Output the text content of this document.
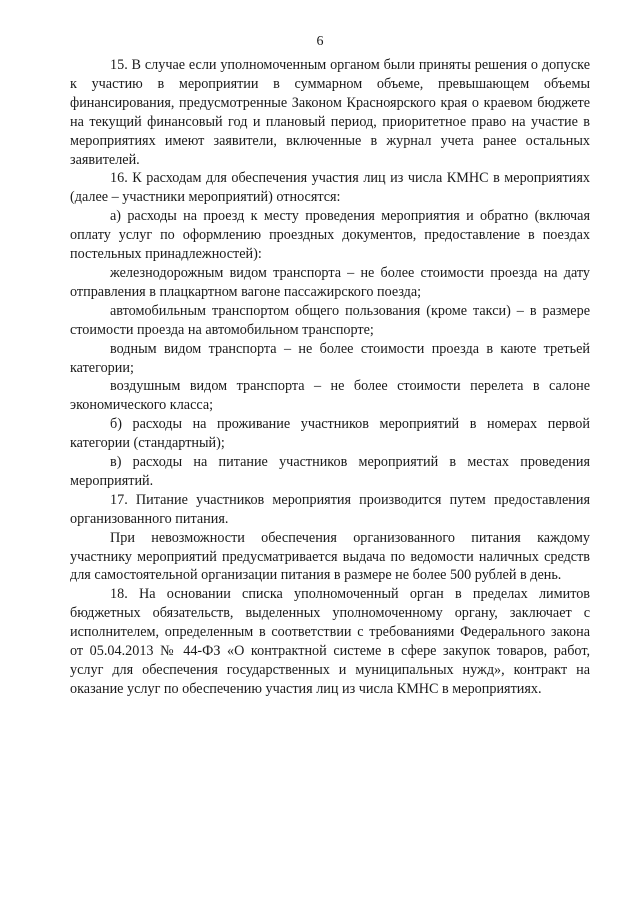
6

15. В случае если уполномоченным органом были приняты решения о допуске к участию в мероприятии в суммарном объеме, превышающем объемы финансирования, предусмотренные Законом Красноярского края о краевом бюджете на текущий финансовый год и плановый период, приоритетное право на участие в мероприятиях имеют заявители, включенные в журнал учета ранее остальных заявителей.

16. К расходам для обеспечения участия лиц из числа КМНС в мероприятиях (далее – участники мероприятий) относятся:

а) расходы на проезд к месту проведения мероприятия и обратно (включая оплату услуг по оформлению проездных документов, предоставление в поездах постельных принадлежностей):

железнодорожным видом транспорта – не более стоимости проезда на дату отправления в плацкартном вагоне пассажирского поезда;

автомобильным транспортом общего пользования (кроме такси) – в размере стоимости проезда на автомобильном транспорте;

водным видом транспорта – не более стоимости проезда в каюте третьей категории;

воздушным видом транспорта – не более стоимости перелета в салоне экономического класса;

б) расходы на проживание участников мероприятий в номерах первой категории (стандартный);

в) расходы на питание участников мероприятий в местах проведения мероприятий.

17. Питание участников мероприятия производится путем предоставления организованного питания.

При невозможности обеспечения организованного питания каждому участнику мероприятий предусматривается выдача по ведомости наличных средств для самостоятельной организации питания в размере не более 500 рублей в день.

18. На основании списка уполномоченный орган в пределах лимитов бюджетных обязательств, выделенных уполномоченному органу, заключает с исполнителем, определенным в соответствии с требованиями Федерального закона от 05.04.2013 № 44-ФЗ «О контрактной системе в сфере закупок товаров, работ, услуг для обеспечения государственных и муниципальных нужд», контракт на оказание услуг по обеспечению участия лиц из числа КМНС в мероприятиях.
